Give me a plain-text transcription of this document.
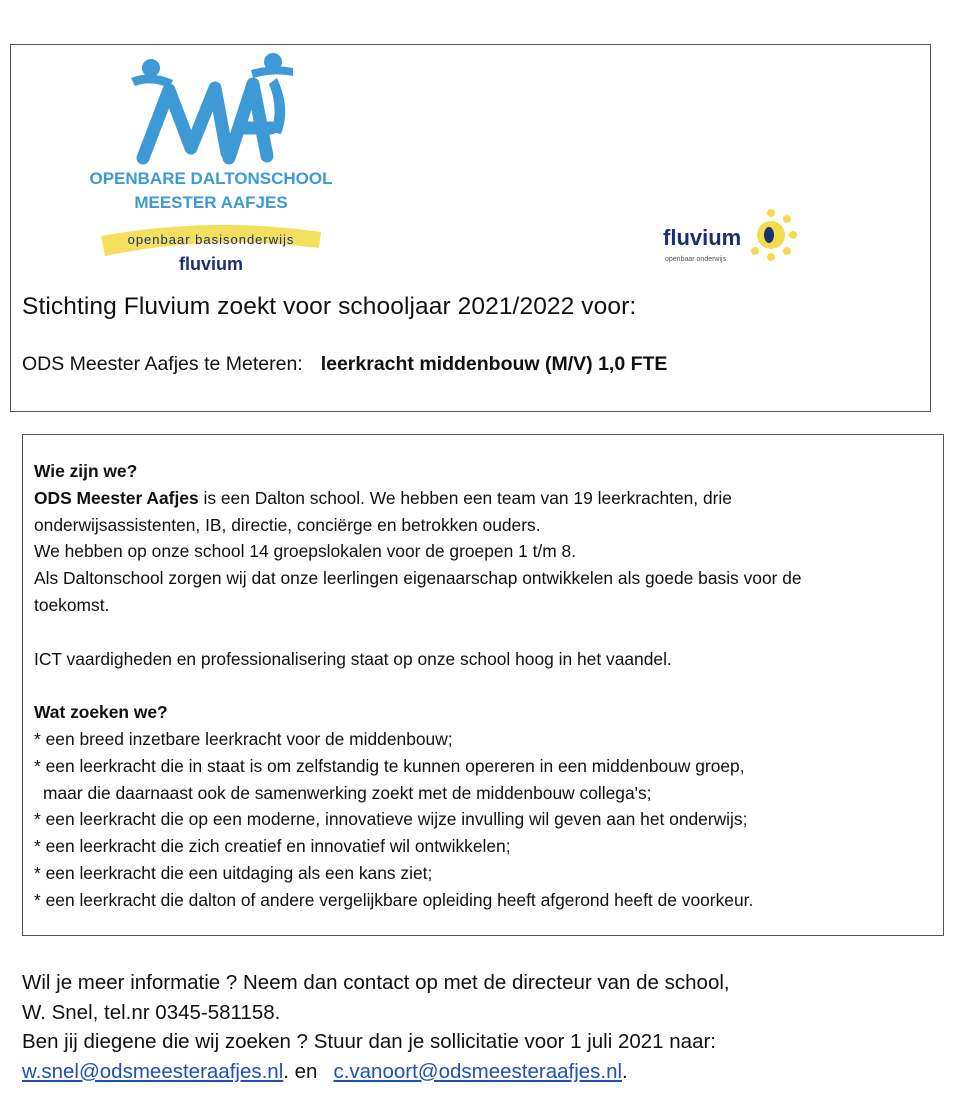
OPENBARE DALTONSCHOOL
MEESTER AAFJES
openbaar basisonderwijs
fluvium
fluvium
openbaar onderwijs
Stichting Fluvium zoekt voor schooljaar 2021/2022 voor:
ODS Meester Aafjes te Meteren: leerkracht middenbouw (M/V) 1,0 FTE

Wie zijn we?

ODS Meester Aafjes is een Dalton school. We hebben een team van 19 leerkrachten, drie

onderwijsassistenten, IB, directie, conciërge en betrokken ouders.

We hebben op onze school 14 groepslokalen voor de groepen 1 t/m 8.

Als Daltonschool zorgen wij dat onze leerlingen eigenaarschap ontwikkelen als goede basis voor de

toekomst.

ICT vaardigheden en professionalisering staat op onze school hoog in het vaandel.

Wat zoeken we?

* een breed inzetbare leerkracht voor de middenbouw;

* een leerkracht die in staat is om zelfstandig te kunnen opereren in een middenbouw groep,

maar die daarnaast ook de samenwerking zoekt met de middenbouw collega's;

* een leerkracht die op een moderne, innovatieve wijze invulling wil geven aan het onderwijs;

* een leerkracht die zich creatief en innovatief wil ontwikkelen;

* een leerkracht die een uitdaging als een kans ziet;

* een leerkracht die dalton of andere vergelijkbare opleiding heeft afgerond heeft de voorkeur.

Wil je meer informatie ? Neem dan contact op met de directeur van de school,

W. Snel, tel.nr 0345-581158.

Ben jij diegene die wij zoeken ? Stuur dan je sollicitatie voor 1 juli 2021 naar:

w.snel@odsmeesteraafjes.nl. en c.vanoort@odsmeesteraafjes.nl.
